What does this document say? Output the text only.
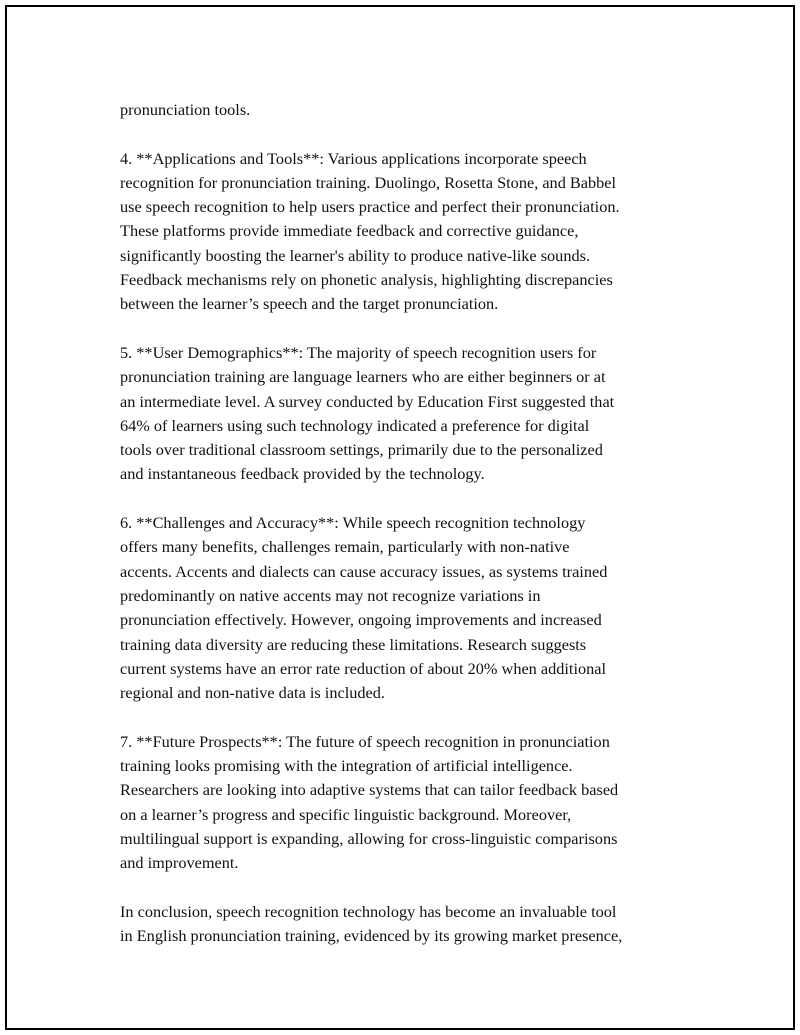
pronunciation tools.

4. **Applications and Tools**: Various applications incorporate speech
recognition for pronunciation training. Duolingo, Rosetta Stone, and Babbel
use speech recognition to help users practice and perfect their pronunciation.
These platforms provide immediate feedback and corrective guidance,
significantly boosting the learner's ability to produce native-like sounds.
Feedback mechanisms rely on phonetic analysis, highlighting discrepancies
between the learner’s speech and the target pronunciation.

5. **User Demographics**: The majority of speech recognition users for
pronunciation training are language learners who are either beginners or at
an intermediate level. A survey conducted by Education First suggested that
64% of learners using such technology indicated a preference for digital
tools over traditional classroom settings, primarily due to the personalized
and instantaneous feedback provided by the technology.

6. **Challenges and Accuracy**: While speech recognition technology
offers many benefits, challenges remain, particularly with non-native
accents. Accents and dialects can cause accuracy issues, as systems trained
predominantly on native accents may not recognize variations in
pronunciation effectively. However, ongoing improvements and increased
training data diversity are reducing these limitations. Research suggests
current systems have an error rate reduction of about 20% when additional
regional and non-native data is included.

7. **Future Prospects**: The future of speech recognition in pronunciation
training looks promising with the integration of artificial intelligence.
Researchers are looking into adaptive systems that can tailor feedback based
on a learner’s progress and specific linguistic background. Moreover,
multilingual support is expanding, allowing for cross-linguistic comparisons
and improvement.

In conclusion, speech recognition technology has become an invaluable tool
in English pronunciation training, evidenced by its growing market presence,
